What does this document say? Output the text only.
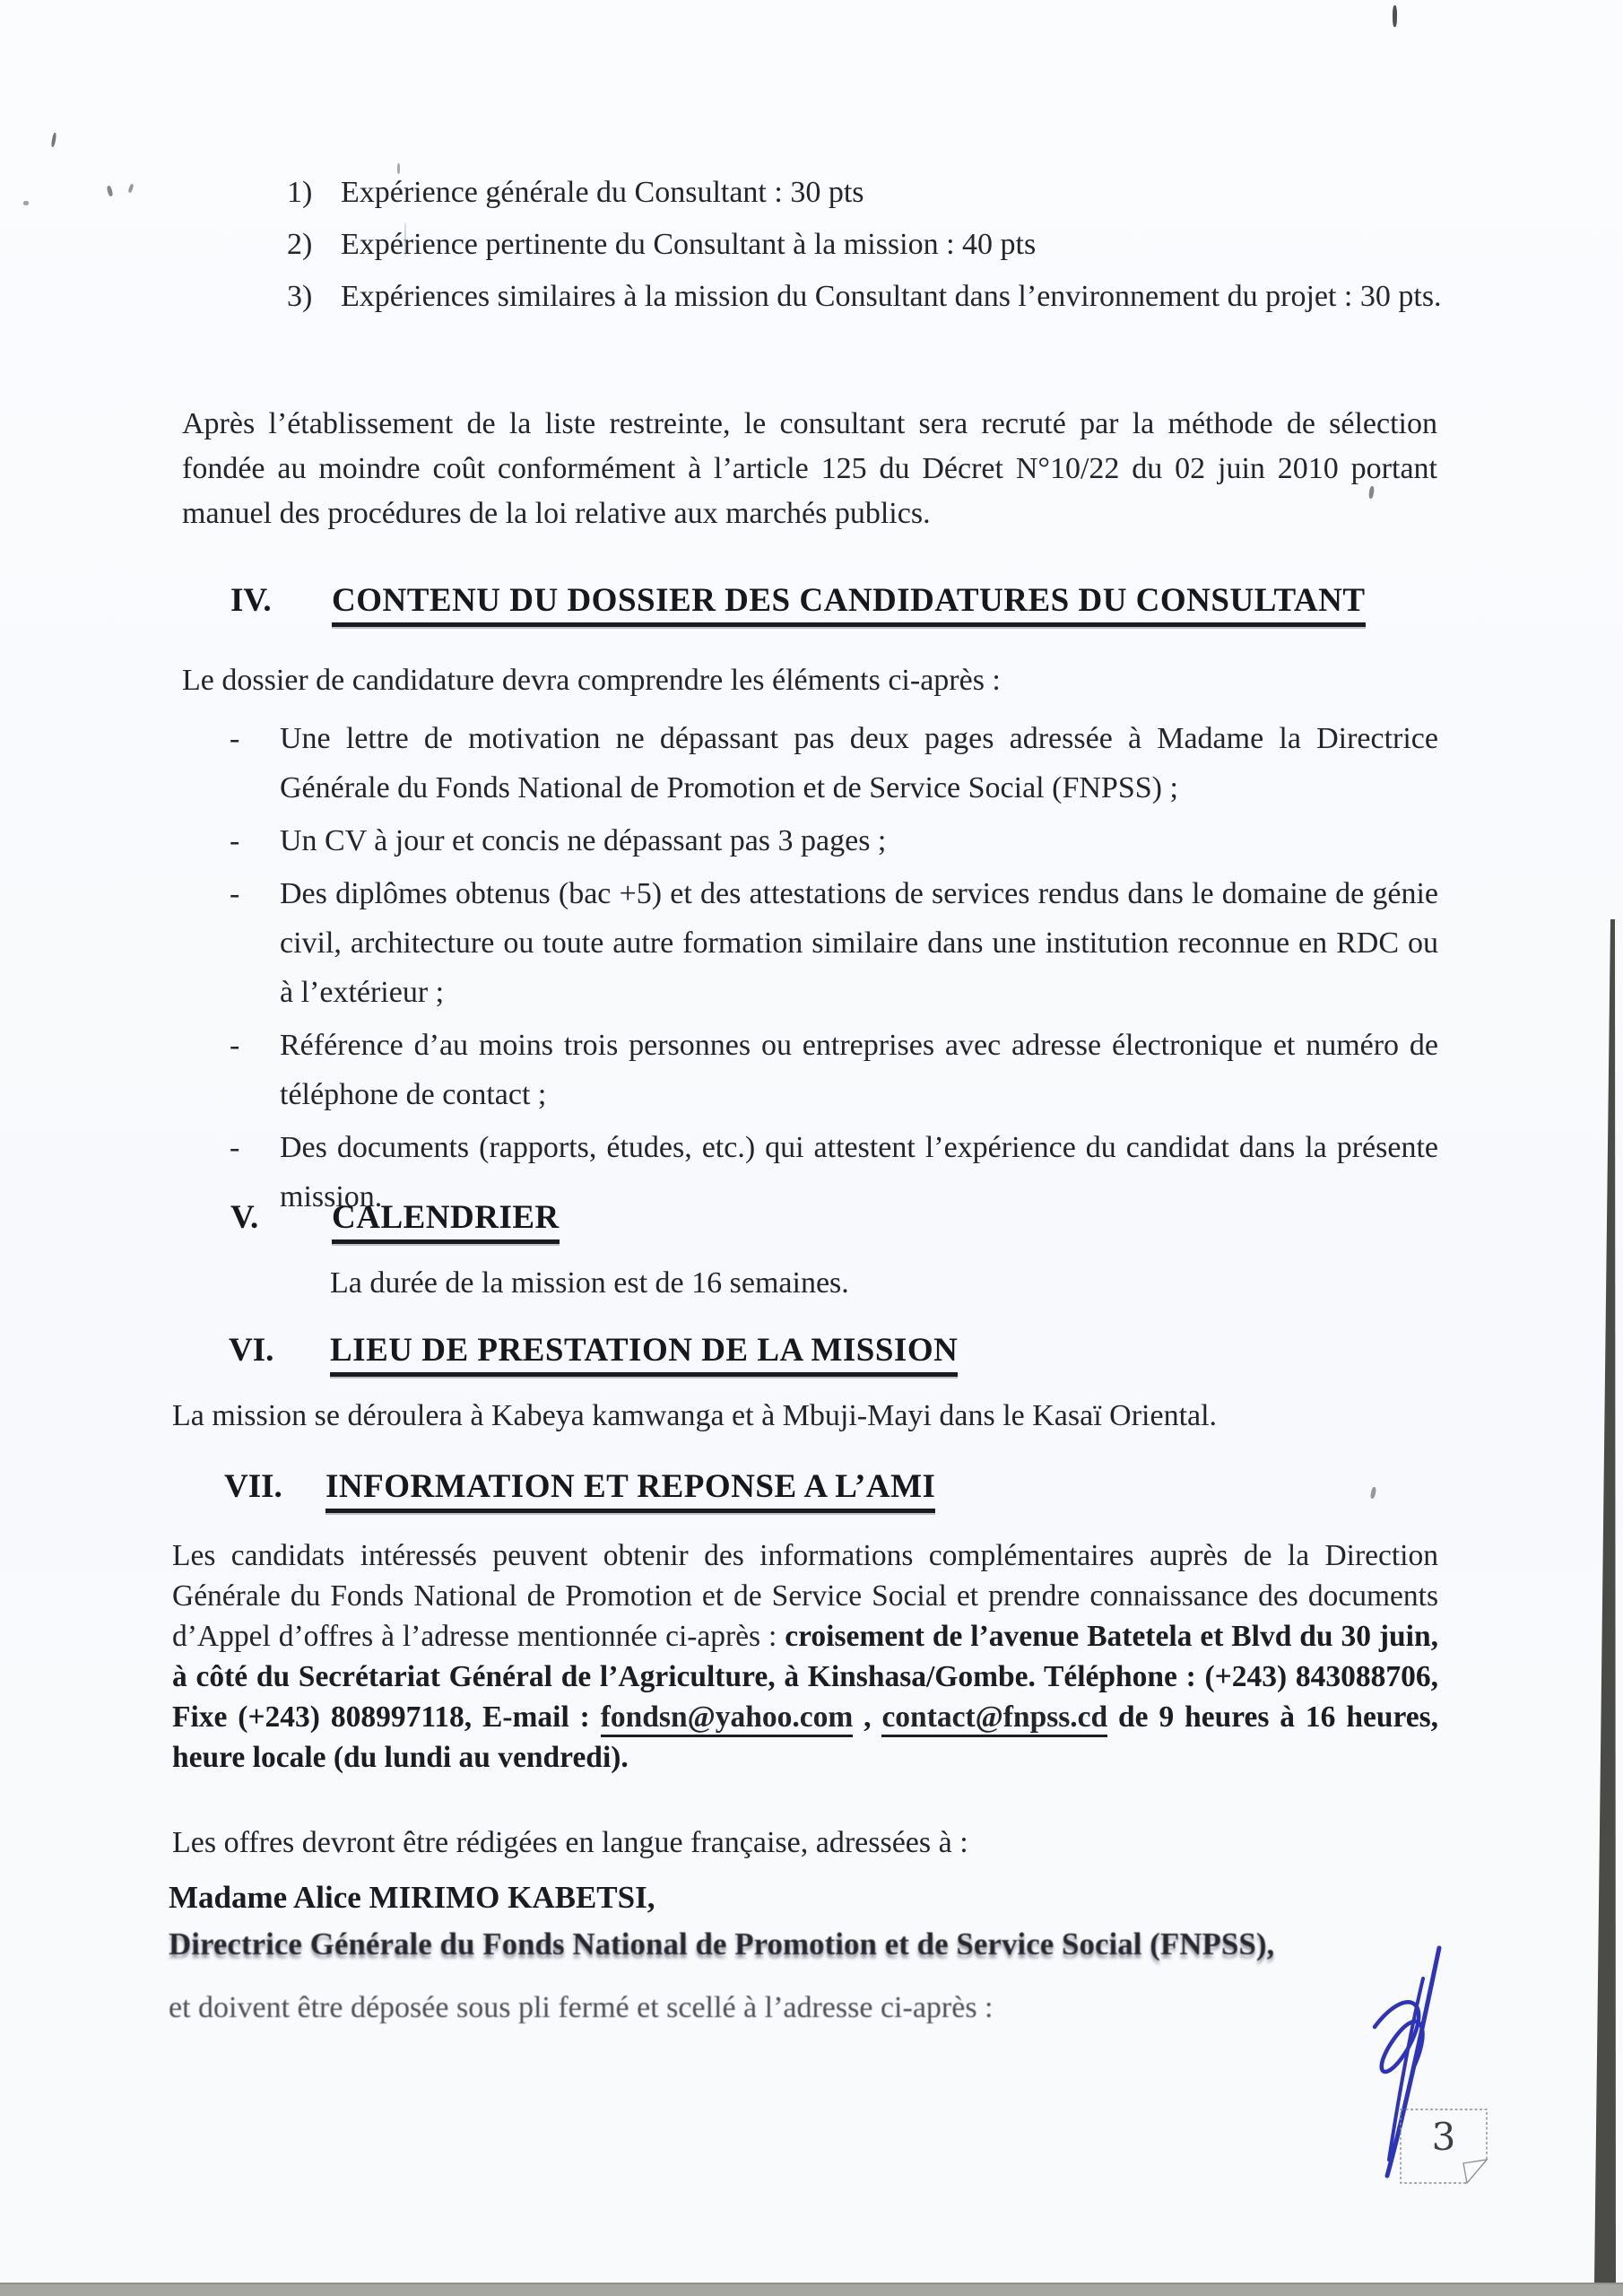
1) Expérience générale du Consultant : 30 pts
2) Expérience pertinente du Consultant à la mission : 40 pts
3) Expériences similaires à la mission du Consultant dans l’environnement du projet : 30 pts.
Après l’établissement de la liste restreinte, le consultant sera recruté par la méthode de sélection fondée au moindre coût conformément à l’article 125 du Décret N°10/22 du 02 juin 2010 portant manuel des procédures de la loi relative aux marchés publics.
IV.	CONTENU DU DOSSIER DES CANDIDATURES DU CONSULTANT
Le dossier de candidature devra comprendre les éléments ci-après :
-	Une lettre de motivation ne dépassant pas deux pages adressée à Madame la Directrice Générale du Fonds National de Promotion et de Service Social (FNPSS) ;
-	Un CV à jour et concis ne dépassant pas 3 pages ;
-	Des diplômes obtenus (bac +5) et des attestations de services rendus dans le domaine de génie civil, architecture ou toute autre formation similaire dans une institution reconnue en RDC ou à l’extérieur ;
-	Référence d’au moins trois personnes ou entreprises avec adresse électronique et numéro de téléphone de contact ;
-	Des documents (rapports, études, etc.) qui attestent l’expérience du candidat dans la présente mission.
V.	CALENDRIER
La durée de la mission est de 16 semaines.
VI.	LIEU DE PRESTATION DE LA MISSION
La mission se déroulera à Kabeya kamwanga et à Mbuji-Mayi dans le Kasaï Oriental.
VII.	INFORMATION ET REPONSE A L’AMI
Les candidats intéressés peuvent obtenir des informations complémentaires auprès de la Direction Générale du Fonds National de Promotion et de Service Social et prendre connaissance des documents d’Appel d’offres à l’adresse mentionnée ci-après : croisement de l’avenue Batetela et Blvd du 30 juin, à côté du Secrétariat Général de l’Agriculture, à Kinshasa/Gombe. Téléphone : (+243) 843088706, Fixe (+243) 808997118, E-mail : fondsn@yahoo.com , contact@fnpss.cd de 9 heures à 16 heures, heure locale (du lundi au vendredi).
Les offres devront être rédigées en langue française, adressées à :
Madame Alice MIRIMO KABETSI,
Directrice Générale du Fonds National de Promotion et de Service Social (FNPSS),
et doivent être déposée sous pli fermé et scellé à l’adresse ci-après :
3
